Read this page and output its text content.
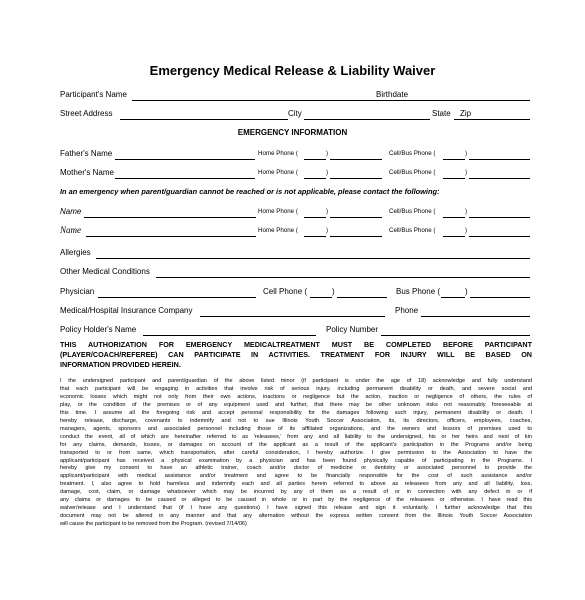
Emergency Medical Release & Liability Waiver
Participant's Name	Birthdate
Street Address	City	State Zip
EMERGENCY INFORMATION
Father's Name	Home Phone (	)	Cell/Bus Phone (	)
Mother's Name	Home Phone (	)	Cell/Bus Phone (	)
In an emergency when parent/guardian cannot be reached or is not applicable, please contact the following:
Name	Home Phone (	)	Cell/Bus Phone (	)
Name	Home Phone (	)	Cell/Bus Phone (	)
Allergies
Other Medical Conditions
Physician	Cell Phone (	)	Bus Phone (	)
Medical/Hospital Insurance Company	Phone
Policy Holder's Name	Policy Number

THIS AUTHORIZATION FOR EMERGENCY MEDICALTREATMENT MUST BE COMPLETED BEFORE PARTICIPANT

(PLAYER/COACH/REFEREE) CAN PARTICIPATE IN ACTIVITIES. TREATMENT FOR INJURY WILL BE BASED ON

INFORMATION PROVIDED HEREIN.

I the undersigned participant and parent/guardian of the above listed minor (if participant is under the age of 18) acknowledge and fully understand

that each participant will be engaging in activities that involve risk of serious injury, including permanent disability or death, and severe social and

economic losses which might not only from their own actions, inactions or negligence but the action, inaction or negligence of others, the rules of

play, or the condition of the premises or of any equipment used and further, that there may be other unknown risks not reasonably foreseeable at

this time. I assume all the foregoing risk and accept personal responsibility for the damages following such injury, permanent disability or death. I

hereby release, discharge, covenants to indemnify and not to sue Illinois Youth Soccer Association, its, its directors, officers, employees, coaches,

managers, agents, sponsors and associated personnel including those of its affiliated organizations, and the owners and lessors of premises used to

conduct the event, all of which are hereinafter referred to as 'releasees,' from any and all liability to the undersigned, his or her heirs and next of kin

for any claims, demands, losses, or damages on account of the applicant as a result of the applicant's participation in the Programs and/or being

transported to or from same, which transportation, after careful consideration, I hereby authorize. I give permission to the Association to have the

applicant/participant has received a physical examination by a physician and has been found physically capable of participating in the Programs. I

hereby give my consent to have an athletic trainer, coach and/or doctor of medicine or dentistry or associated personnel to provide the

applicant/participant with medical assistance and/or treatment and agree to be financially responsible for the cost of such assistance and/or

treatment. I, also agree to hold harmless and indemnify each and all parties herein referred to above as releasees from any and all liability, loss,

damage, cost, claim, or damage whatsoever which may be incurred by any of them as a result of or in connection with any defect in or if

any claims or damages to be caused or alleged to be caused in whole or in part by the negligence of the releasees or otherwise. I have read this

waiver/release and I understand that (if I have any questions) I have signed this release and sign it voluntarily. I further acknowledge that this

document may not be altered in any manner and that any alternation without the express written consent from the Illinois Youth Soccer Association

will cause the participant to be removed from the Program. (revised 7/14/06)
